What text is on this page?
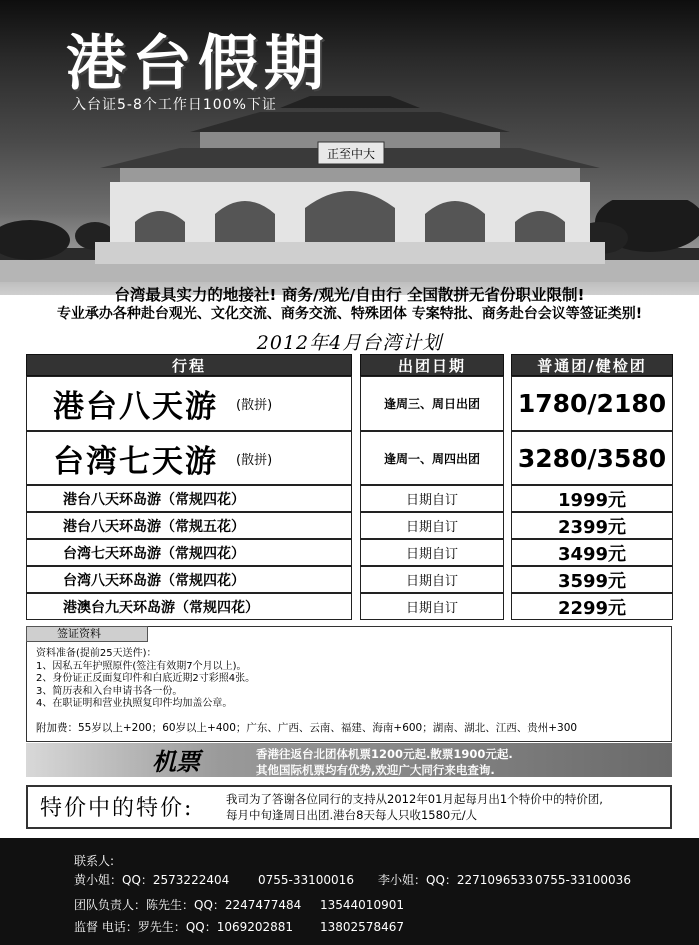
正至中大
港台假期
入台证5-8个工作日100%下证
台湾最具实力的地接社! 商务/观光/自由行 全国散拼无省份职业限制!
专业承办各种赴台观光、文化交流、商务交流、特殊团体 专案特批、商务赴台会议等签证类别!
2012年4月台湾计划
行程	出团日期	普通团/健检团
港台八天游 (散拼)	逢周三、周日出团	1780/2180
台湾七天游 (散拼)	逢周一、周四出团	3280/3580
港台八天环岛游（常规四花）	日期自订	1999元
港台八天环岛游（常规五花）	日期自订	2399元
台湾七天环岛游（常规四花）	日期自订	3499元
台湾八天环岛游（常规四花）	日期自订	3599元
港澳台九天环岛游（常规四花）	日期自订	2299元
签证资料
资料准备(提前25天送件)：
1、因私五年护照原件(签注有效期7个月以上)。
2、身份证正反面复印件和白底近期2寸彩照4张。
3、简历表和入台申请书各一份。
4、在职证明和营业执照复印件均加盖公章。
附加费：55岁以上+200；60岁以上+400；广东、广西、云南、福建、海南+600；湖南、湖北、江西、贵州+300
机票	香港往返台北团体机票1200元起.散票1900元起.
其他国际机票均有优势,欢迎广大同行来电查询.
特价中的特价:	我司为了答谢各位同行的支持从2012年01月起每月出1个特价中的特价团,
每月中旬逢周日出团.港台8天每人只收1580元/人
联系人:
黄小姐：QQ：2573222404 0755-33100016 李小姐：QQ：2271096533 0755-33100036
团队负责人：陈先生：QQ：2247477484 13544010901
监督 电话：罗先生：QQ：1069202881 13802578467
